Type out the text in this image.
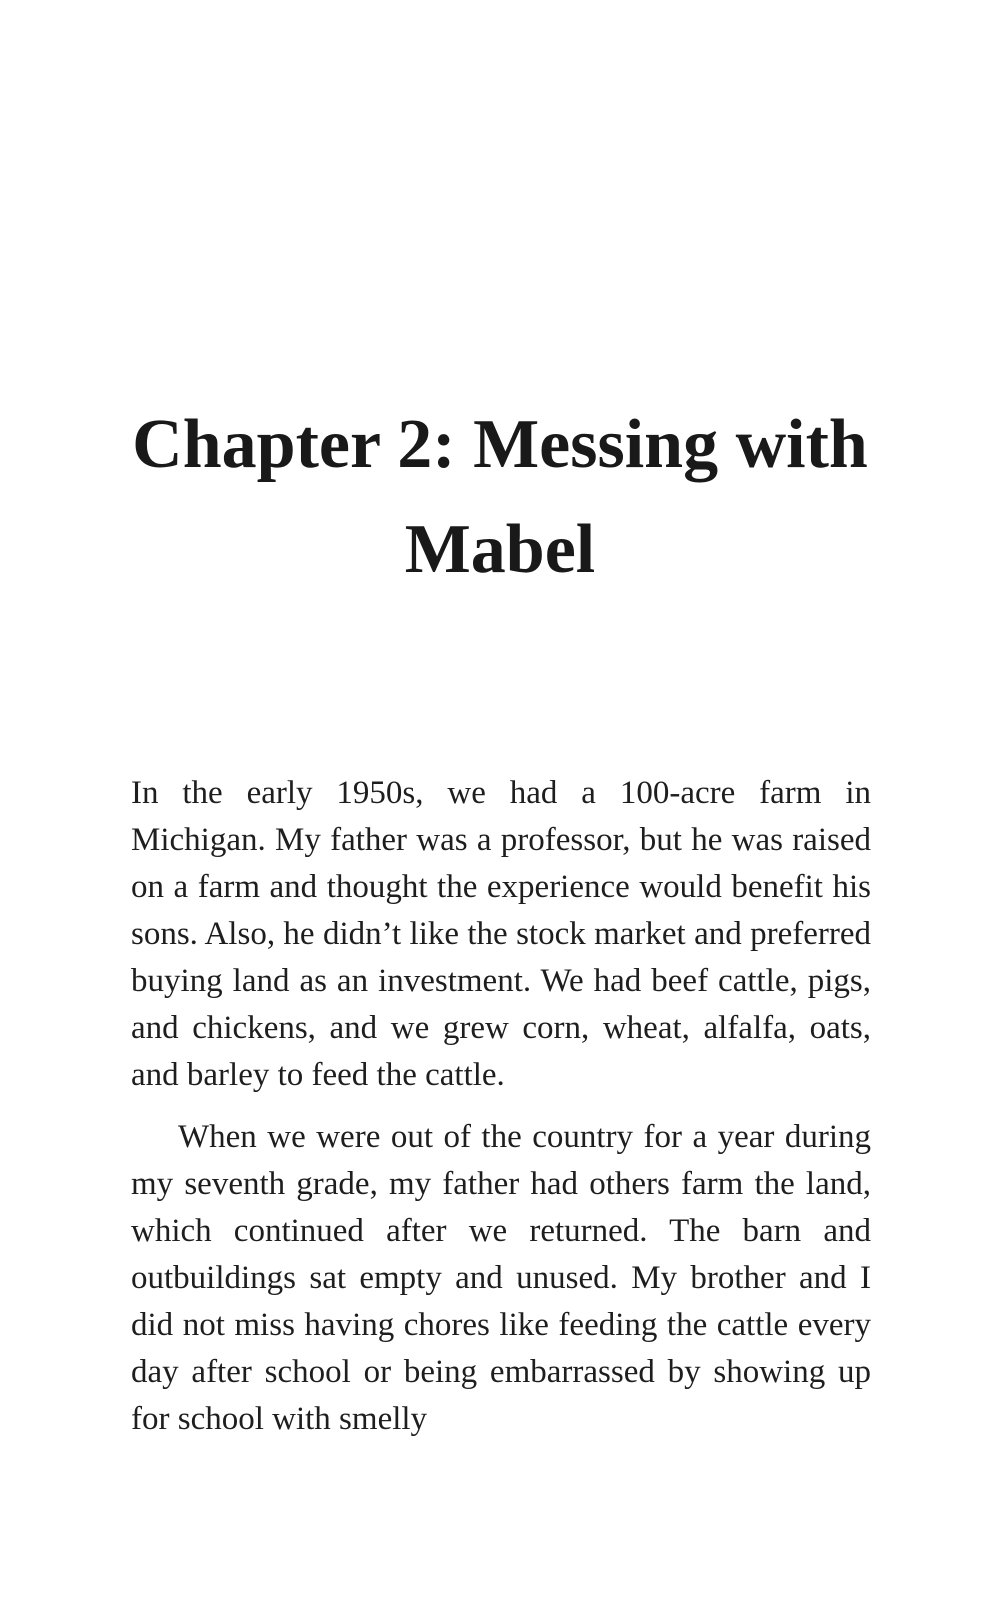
Chapter 2: Messing with
Mabel

In the early 1950s, we had a 100-acre farm in Michigan. My father was a professor, but he was raised on a farm and thought the experience would benefit his sons. Also, he didn’t like the stock market and preferred buying land as an investment. We had beef cattle, pigs, and chickens, and we grew corn, wheat, alfalfa, oats, and barley to feed the cattle.

When we were out of the country for a year during my seventh grade, my father had others farm the land, which continued after we returned. The barn and outbuildings sat empty and unused. My brother and I did not miss having chores like feeding the cattle every day after school or being embarrassed by showing up for school with smelly
